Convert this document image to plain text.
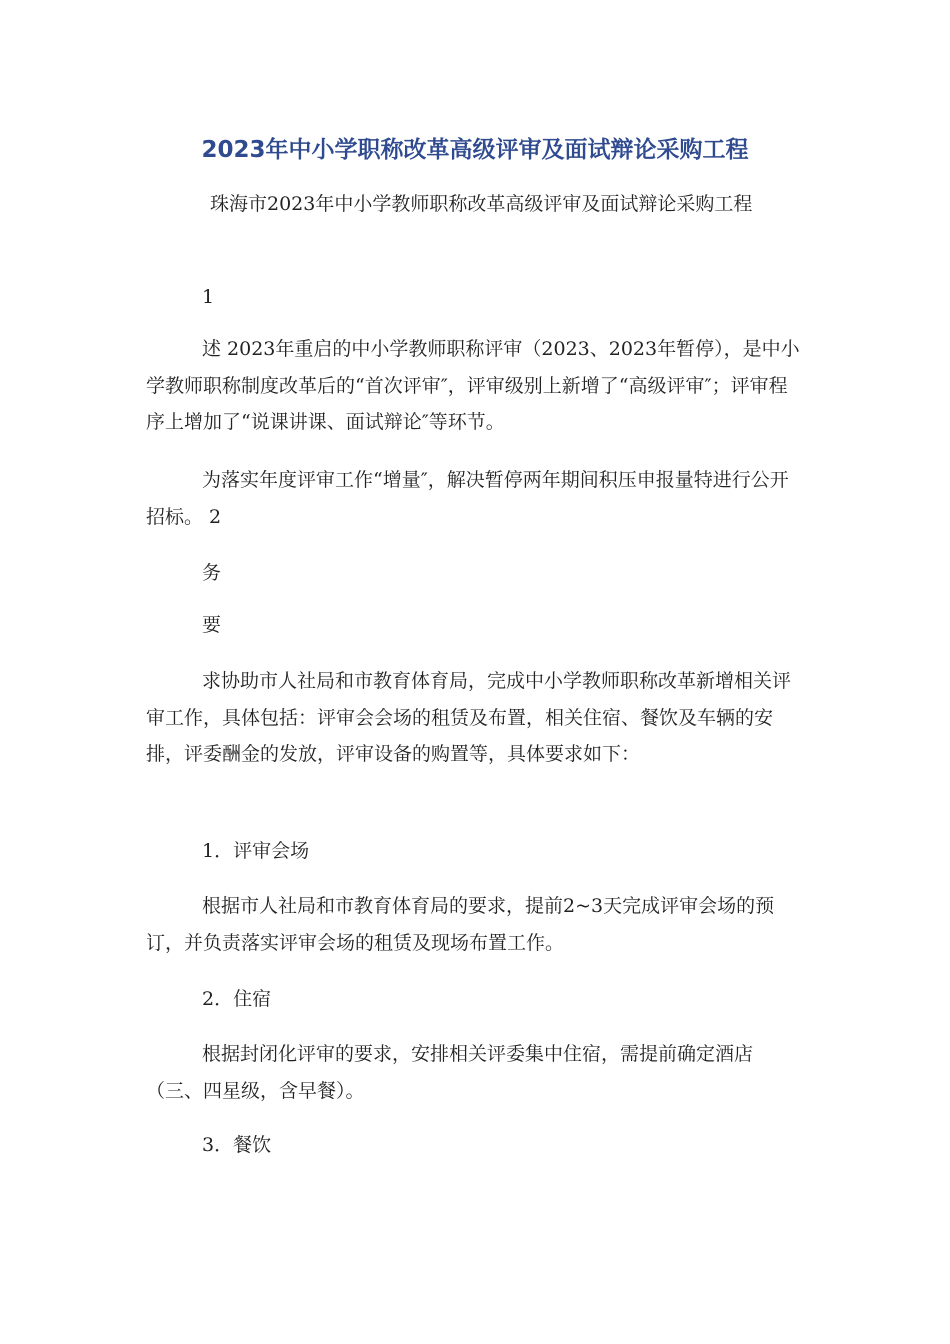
2023年中小学职称改革高级评审及面试辩论采购工程

珠海市2023年中小学教师职称改革高级评审及面试辩论采购工程

1

述 2023年重启的中小学教师职称评审（2023、2023年暂停），是中小学教师职称制度改革后的“首次评审″，评审级别上新增了“高级评审″；评审程序上增加了“说课讲课、面试辩论″等环节。

为落实年度评审工作“增量″，解决暂停两年期间积压申报量特进行公开招标。 2

务

要

求协助市人社局和市教育体育局，完成中小学教师职称改革新增相关评审工作，具体包括：评审会会场的租赁及布置，相关住宿、餐饮及车辆的安排，评委酬金的发放，评审设备的购置等，具体要求如下：

1．评审会场

根据市人社局和市教育体育局的要求，提前2~3天完成评审会场的预订，并负责落实评审会场的租赁及现场布置工作。

2．住宿

根据封闭化评审的要求，安排相关评委集中住宿，需提前确定酒店（三、四星级，含早餐）。

3．餐饮
